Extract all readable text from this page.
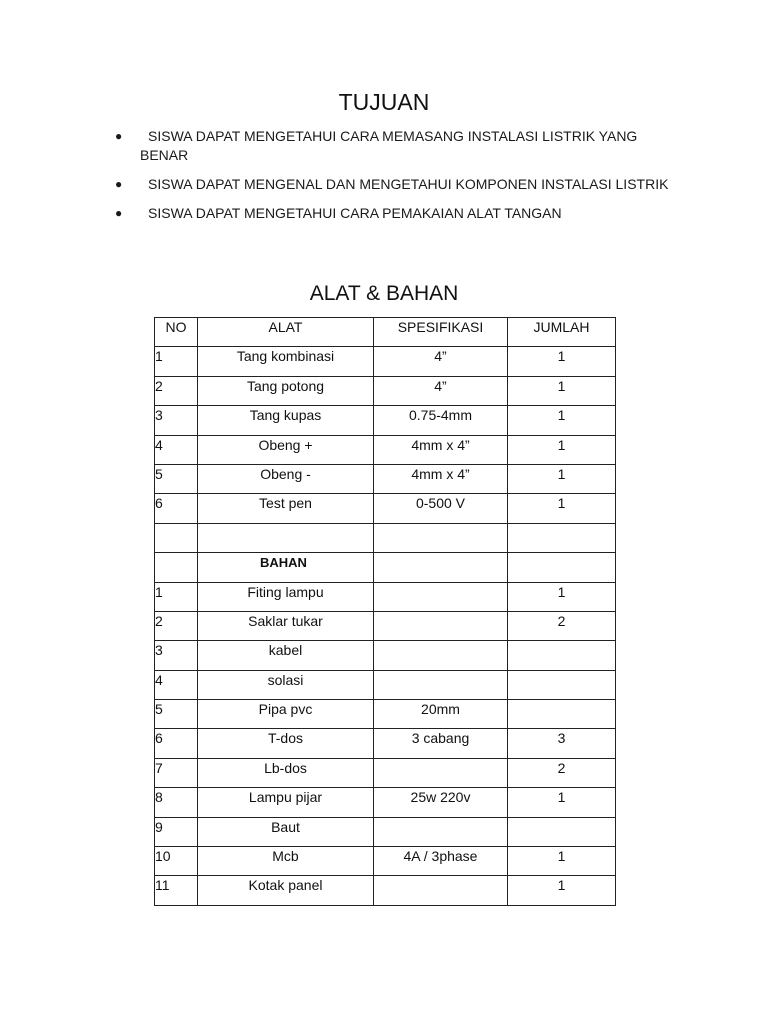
TUJUAN
●	SISWA DAPAT MENGETAHUI CARA MEMASANG INSTALASI LISTRIK YANG BENAR
●	SISWA DAPAT MENGENAL DAN MENGETAHUI KOMPONEN INSTALASI LISTRIK
●	SISWA DAPAT MENGETAHUI CARA PEMAKAIAN ALAT TANGAN
ALAT & BAHAN
NO	ALAT	SPESIFIKASI	JUMLAH
1	Tang kombinasi	4”	1
2	Tang potong	4”	1
3	Tang kupas	0.75-4mm	1
4	Obeng +	4mm x 4”	1
5	Obeng -	4mm x 4”	1
6	Test pen	0-500 V	1

	BAHAN		
1	Fiting lampu		1
2	Saklar tukar		2
3	kabel		
4	solasi		
5	Pipa pvc	20mm	
6	T-dos	3 cabang	3
7	Lb-dos		2
8	Lampu pijar	25w 220v	1
9	Baut		
10	Mcb	4A / 3phase	1
11	Kotak panel		1
